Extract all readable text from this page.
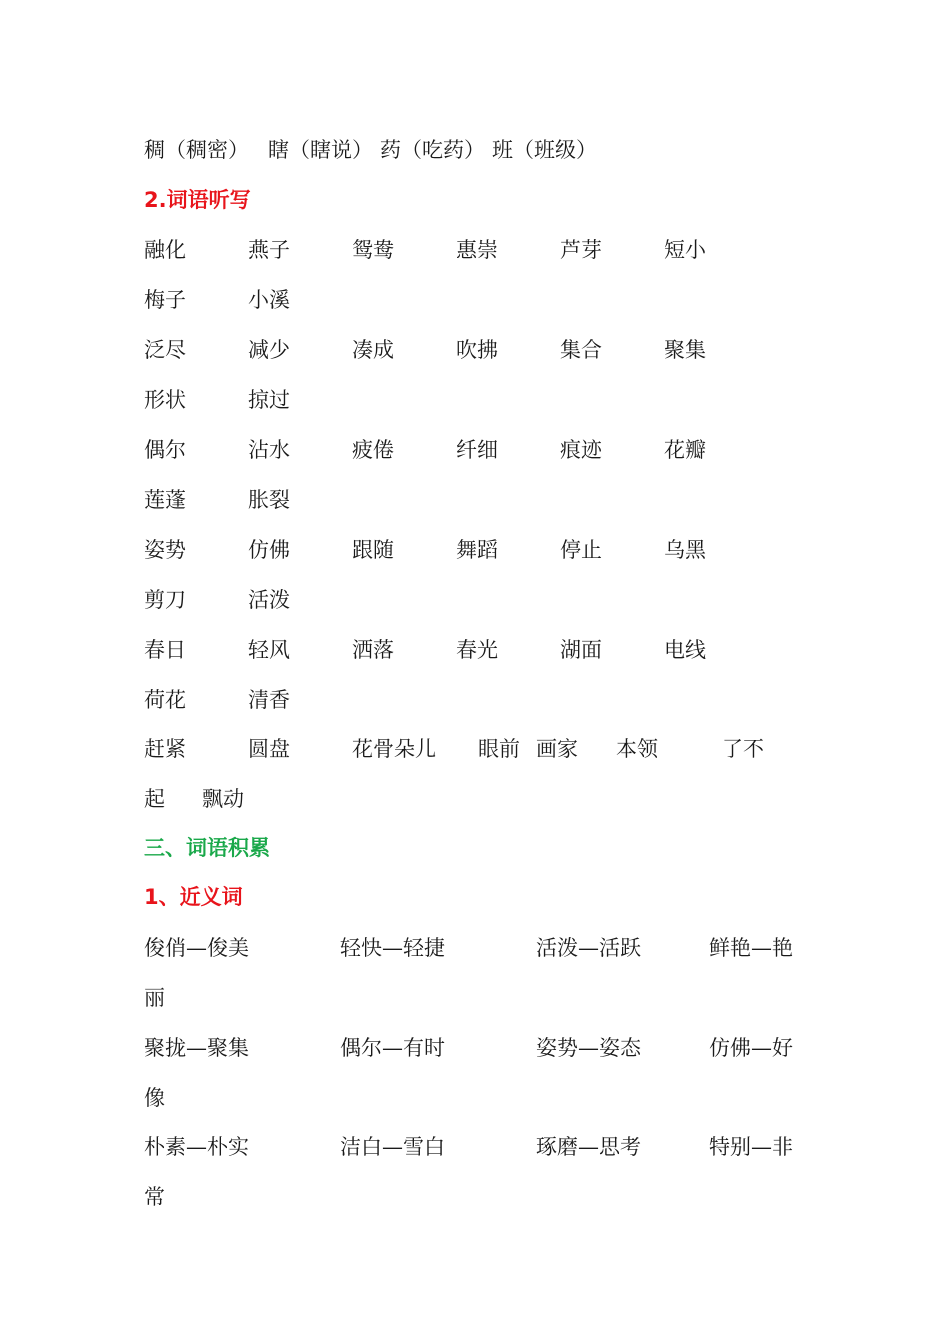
稠（稠密） 瞎（瞎说） 药（吃药） 班（班级）
2.词语听写
融化	燕子	鸳鸯	惠崇	芦芽	短小
梅子	小溪
泛尽	减少	凑成	吹拂	集合	聚集
形状	掠过
偶尔	沾水	疲倦	纤细	痕迹	花瓣
莲蓬	胀裂
姿势	仿佛	跟随	舞蹈	停止	乌黑
剪刀	活泼
春日	轻风	洒落	春光	湖面	电线
荷花	清香
赶紧	圆盘	花骨朵儿 眼前 画家 本领	了不
起 飘动
三、词语积累
1、近义词
俊俏—俊美	轻快—轻捷	活泼—活跃	鲜艳—艳
丽
聚拢—聚集	偶尔—有时	姿势—姿态	仿佛—好
像
朴素—朴实	洁白—雪白	琢磨—思考	特别—非
常
